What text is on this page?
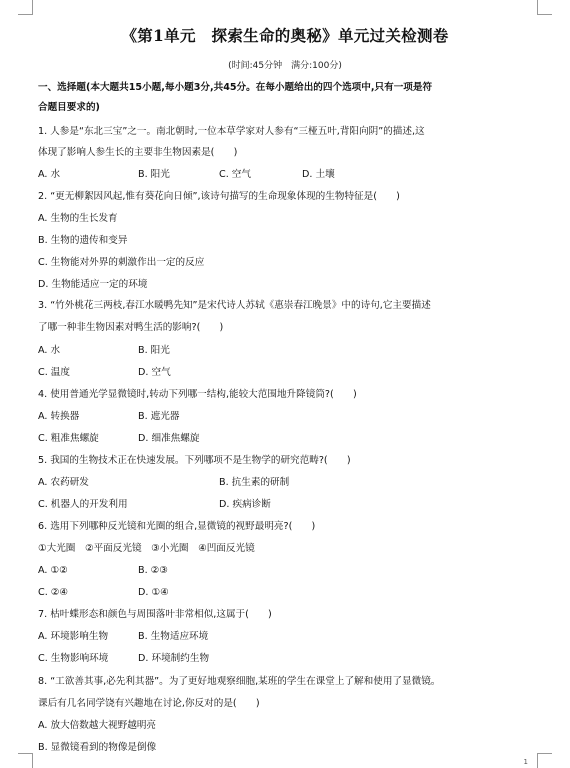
《第1单元　探索生命的奥秘》单元过关检测卷
(时间:45分钟　满分:100分)
一、选择题(本大题共15小题,每小题3分,共45分。在每小题给出的四个选项中,只有一项是符
合题目要求的)
1. 人参是“东北三宝”之一。南北朝时,一位本草学家对人参有“三桠五叶,背阳向阴”的描述,这
体现了影响人参生长的主要非生物因素是(　　)
A. 水	B. 阳光	C. 空气	D. 土壤
2. “更无柳絮因风起,惟有葵花向日倾”,该诗句描写的生命现象体现的生物特征是(　　)
A. 生物的生长发育
B. 生物的遗传和变异
C. 生物能对外界的刺激作出一定的反应
D. 生物能适应一定的环境
3. “竹外桃花三两枝,春江水暖鸭先知”是宋代诗人苏轼《惠崇春江晚景》中的诗句,它主要描述
了哪一种非生物因素对鸭生活的影响?(　　)
A. 水	B. 阳光
C. 温度	D. 空气
4. 使用普通光学显微镜时,转动下列哪一结构,能较大范围地升降镜筒?(　　)
A. 转换器	B. 遮光器
C. 粗准焦螺旋	D. 细准焦螺旋
5. 我国的生物技术正在快速发展。下列哪项不是生物学的研究范畴?(　　)
A. 农药研发	B. 抗生素的研制
C. 机器人的开发利用	D. 疾病诊断
6. 选用下列哪种反光镜和光圈的组合,显微镜的视野最明亮?(　　)
①大光圈　②平面反光镜　③小光圈　④凹面反光镜
A. ①②	B. ②③
C. ②④	D. ①④
7. 枯叶蝶形态和颜色与周围落叶非常相似,这属于(　　)
A. 环境影响生物	B. 生物适应环境
C. 生物影响环境	D. 环境制约生物
8. “工欲善其事,必先利其器”。为了更好地观察细胞,某班的学生在课堂上了解和使用了显微镜。
课后有几名同学饶有兴趣地在讨论,你反对的是(　　)
A. 放大倍数越大视野越明亮
B. 显微镜看到的物像是倒像
1
